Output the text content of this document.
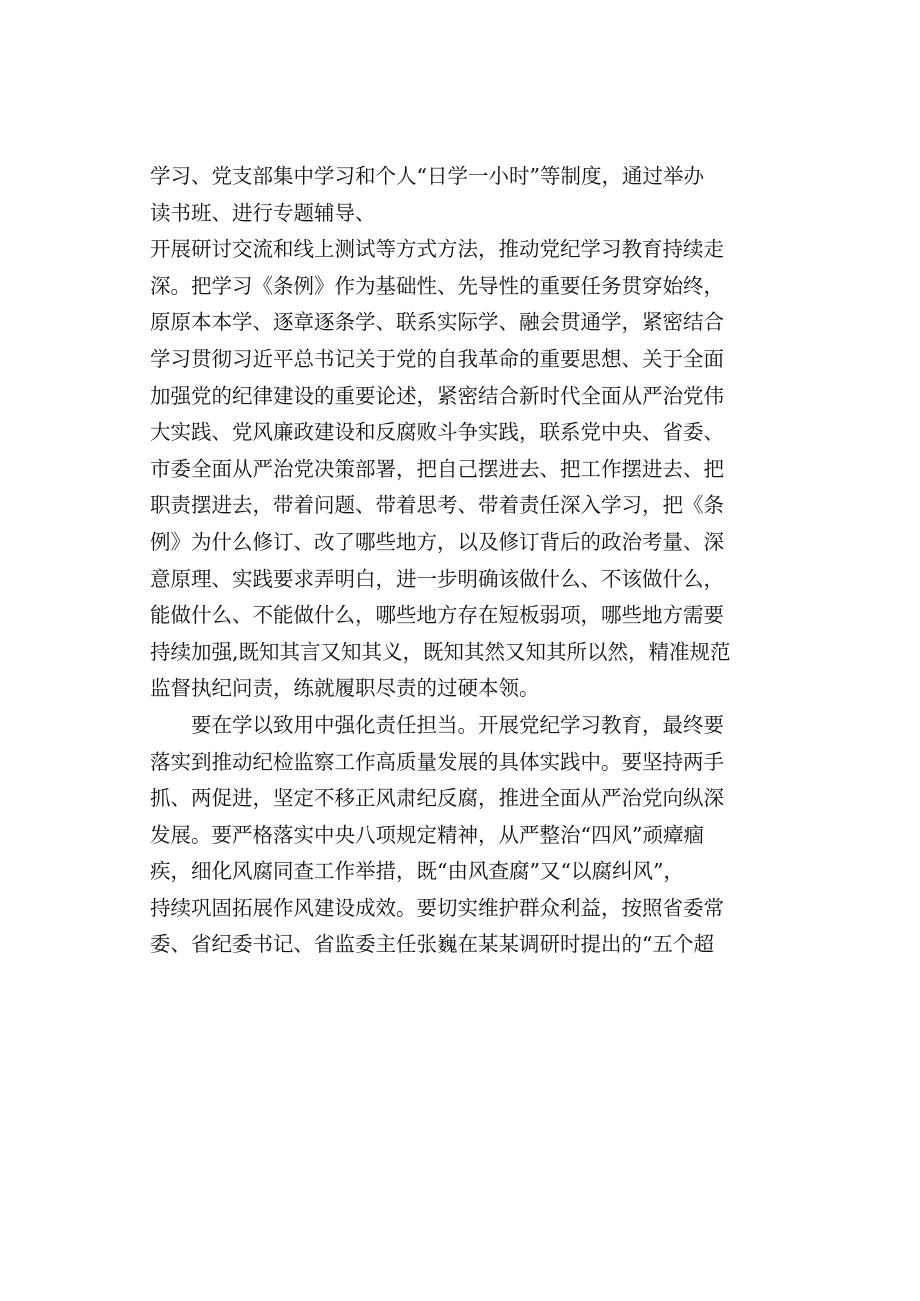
学习、党支部集中学习和个人“日学一小时”等制度，通过举办
读书班、进行专题辅导、
开展研讨交流和线上测试等方式方法，推动党纪学习教育持续走
深。把学习《条例》作为基础性、先导性的重要任务贯穿始终，
原原本本学、逐章逐条学、联系实际学、融会贯通学，紧密结合
学习贯彻习近平总书记关于党的自我革命的重要思想、关于全面
加强党的纪律建设的重要论述，紧密结合新时代全面从严治党伟
大实践、党风廉政建设和反腐败斗争实践，联系党中央、省委、
市委全面从严治党决策部署，把自己摆进去、把工作摆进去、把
职责摆进去，带着问题、带着思考、带着责任深入学习，把《条
例》为什么修订、改了哪些地方，以及修订背后的政治考量、深
意原理、实践要求弄明白，进一步明确该做什么、不该做什么，
能做什么、不能做什么，哪些地方存在短板弱项，哪些地方需要
持续加强,既知其言又知其义，既知其然又知其所以然，精准规范
监督执纪问责，练就履职尽责的过硬本领。
要在学以致用中强化责任担当。开展党纪学习教育，最终要
落实到推动纪检监察工作高质量发展的具体实践中。要坚持两手
抓、两促进，坚定不移正风肃纪反腐，推进全面从严治党向纵深
发展。要严格落实中央八项规定精神，从严整治“四风”顽瘴痼
疾，细化风腐同查工作举措，既“由风查腐”又“以腐纠风”，
持续巩固拓展作风建设成效。要切实维护群众利益，按照省委常
委、省纪委书记、省监委主任张巍在某某调研时提出的“五个超
